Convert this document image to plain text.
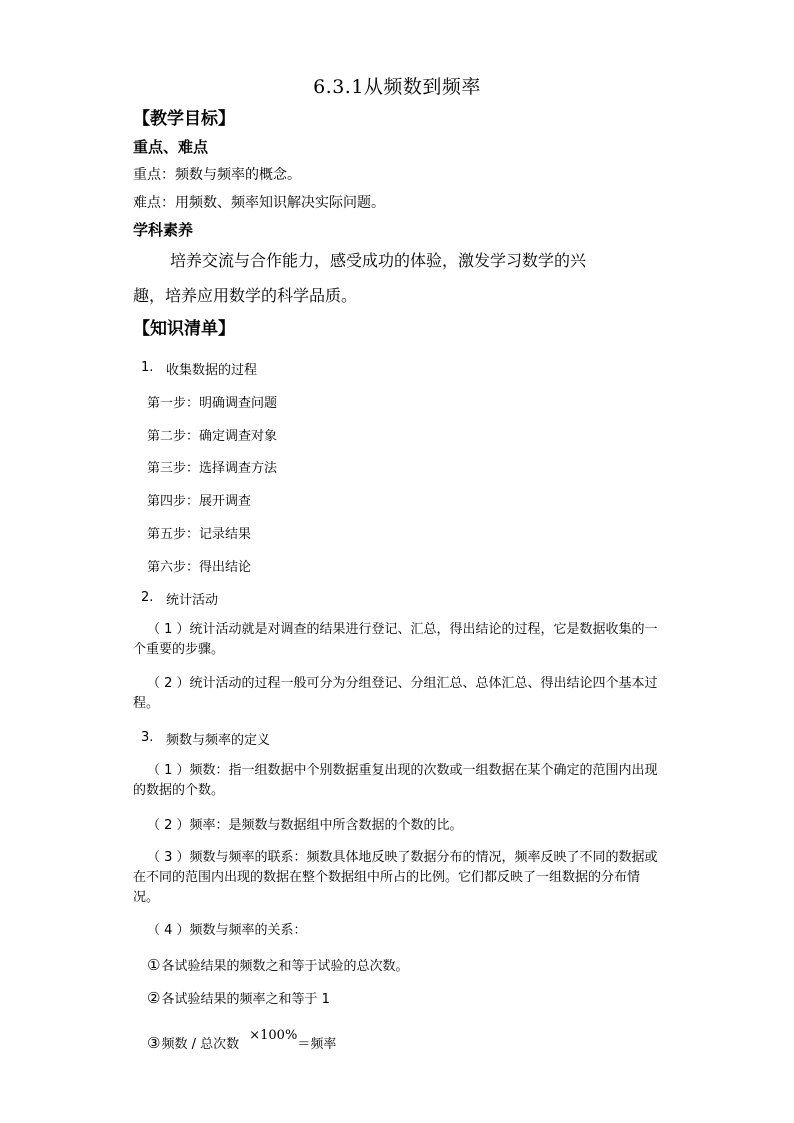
6.3.1从频数到频率
【教学目标】
重点、难点
重点：频数与频率的概念。
难点：用频数、频率知识解决实际问题。
学科素养
培养交流与合作能力，感受成功的体验，激发学习数学的兴
趣，培养应用数学的科学品质。
【知识清单】
1. 收集数据的过程
第一步：明确调查问题
第二步：确定调查对象
第三步：选择调查方法
第四步：展开调查
第五步：记录结果
第六步：得出结论
2. 统计活动
（ 1 ）统计活动就是对调查的结果进行登记、汇总，得出结论的过程，它是数据收集的一个重要的步骤。
（ 2 ）统计活动的过程一般可分为分组登记、分组汇总、总体汇总、得出结论四个基本过程。
3. 频数与频率的定义
（ 1 ）频数：指一组数据中个别数据重复出现的次数或一组数据在某个确定的范围内出现的数据的个数。
（ 2 ）频率：是频数与数据组中所含数据的个数的比。
（ 3 ）频数与频率的联系：频数具体地反映了数据分布的情况，频率反映了不同的数据或在不同的范围内出现的数据在整个数据组中所占的比例。它们都反映了一组数据的分布情况。
（ 4 ）频数与频率的关系：
①各试验结果的频数之和等于试验的总次数。
②各试验结果的频率之和等于 1
③频数 / 总次数 ×100%＝频率
